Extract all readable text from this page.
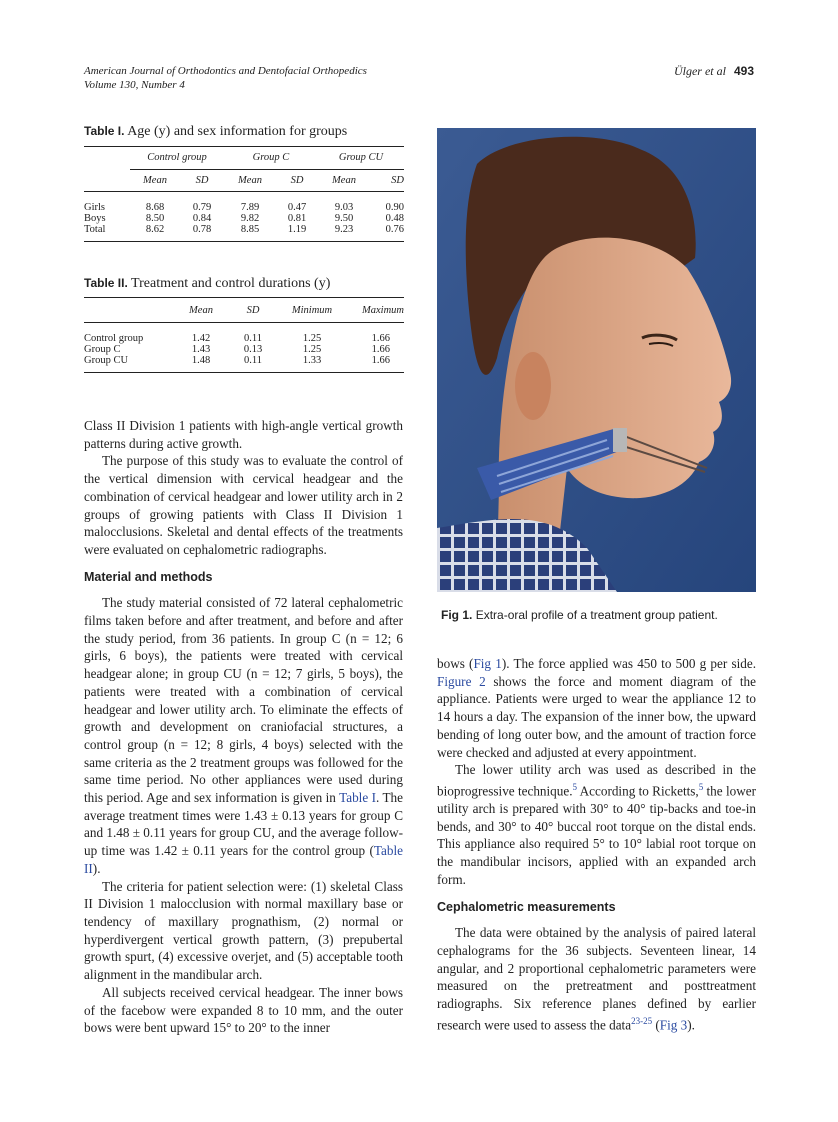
American Journal of Orthodontics and Dentofacial Orthopedics
Volume 130, Number 4
Ülger et al 493
Table I. Age (y) and sex information for groups
	Control group		Group C		Group CU	
	Mean	SD	Mean	SD	Mean	SD

Girls	8.68	0.79	7.89	0.47	9.03	0.90
Boys	8.50	0.84	9.82	0.81	9.50	0.48
Total	8.62	0.78	8.85	1.19	9.23	0.76
Table II. Treatment and control durations (y)
	Mean	SD	Minimum	Maximum

Control group	1.42	0.11	1.25	1.66
Group C	1.43	0.13	1.25	1.66
Group CU	1.48	0.11	1.33	1.66

Class II Division 1 patients with high-angle vertical growth patterns during active growth.

The purpose of this study was to evaluate the control of the vertical dimension with cervical headgear and the combination of cervical headgear and lower utility arch in 2 groups of growing patients with Class II Division 1 malocclusions. Skeletal and dental effects of the treatments were evaluated on cephalometric radiographs.

Material and methods

The study material consisted of 72 lateral cephalometric films taken before and after treatment, and before and after the study period, from 36 patients. In group C (n = 12; 6 girls, 6 boys), the patients were treated with cervical headgear alone; in group CU (n = 12; 7 girls, 5 boys), the patients were treated with a combination of cervical headgear and lower utility arch. To eliminate the effects of growth and development on craniofacial structures, a control group (n = 12; 8 girls, 4 boys) selected with the same criteria as the 2 treatment groups was followed for the same time period. No other appliances were used during this period. Age and sex information is given in Table I. The average treatment times were 1.43 ± 0.13 years for group C and 1.48 ± 0.11 years for group CU, and the average follow-up time was 1.42 ± 0.11 years for the control group (Table II).

The criteria for patient selection were: (1) skeletal Class II Division 1 malocclusion with normal maxillary base or tendency of maxillary prognathism, (2) normal or hyperdivergent vertical growth pattern, (3) prepubertal growth spurt, (4) excessive overjet, and (5) acceptable tooth alignment in the mandibular arch.

All subjects received cervical headgear. The inner bows of the facebow were expanded 8 to 10 mm, and the outer bows were bent upward 15° to 20° to the inner

Fig 1. Extra-oral profile of a treatment group patient.

bows (Fig 1). The force applied was 450 to 500 g per side. Figure 2 shows the force and moment diagram of the appliance. Patients were urged to wear the appliance 12 to 14 hours a day. The expansion of the inner bow, the upward bending of long outer bow, and the amount of traction force were checked and adjusted at every appointment.

The lower utility arch was used as described in the bioprogressive technique.$^5$ According to Ricketts,$^5$ the lower utility arch is prepared with 30° to 40° tip-backs and toe-in bends, and 30° to 40° buccal root torque on the distal ends. This appliance also required 5° to 10° labial root torque on the mandibular incisors, applied with an expanded arch form.

Cephalometric measurements

The data were obtained by the analysis of paired lateral cephalograms for the 36 subjects. Seventeen linear, 14 angular, and 2 proportional cephalometric parameters were measured on the pretreatment and posttreatment radiographs. Six reference planes defined by earlier research were used to assess the data$^{23-25}$ (Fig 3).
